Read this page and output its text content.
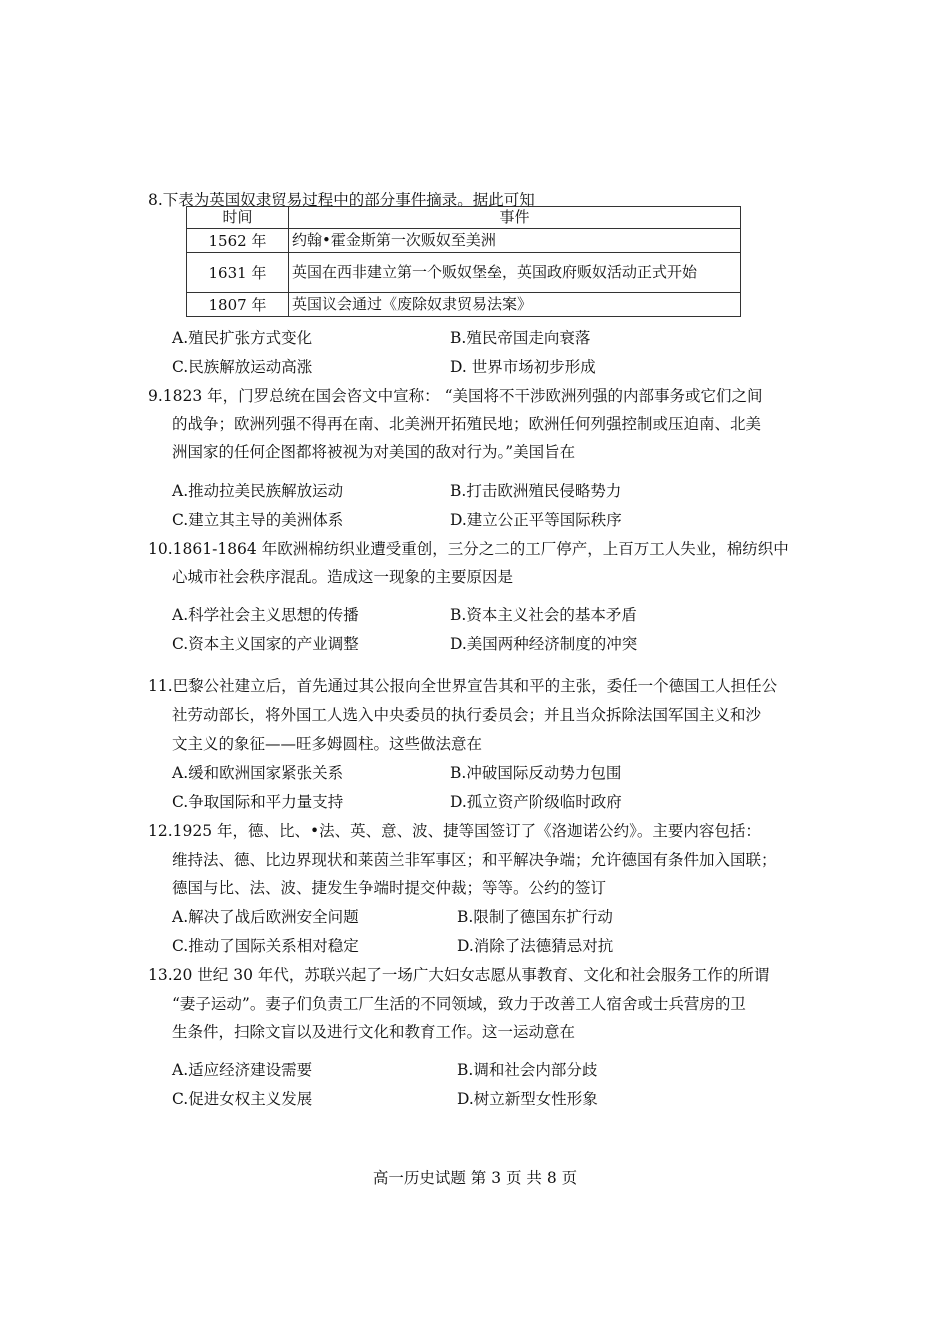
8.下表为英国奴隶贸易过程中的部分事件摘录。据此可知
时间	事件
1562 年	约翰•霍金斯第一次贩奴至美洲
1631 年	英国在西非建立第一个贩奴堡垒，英国政府贩奴活动正式开始
1807 年	英国议会通过《废除奴隶贸易法案》
A.殖民扩张方式变化	B.殖民帝国走向衰落
C.民族解放运动高涨	D. 世界市场初步形成
9.1823 年，门罗总统在国会咨文中宣称： “美国将不干涉欧洲列强的内部事务或它们之间
的战争；欧洲列强不得再在南、北美洲开拓殖民地；欧洲任何列强控制或压迫南、北美
洲国家的任何企图都将被视为对美国的敌对行为。”美国旨在
A.推动拉美民族解放运动	B.打击欧洲殖民侵略势力
C.建立其主导的美洲体系	D.建立公正平等国际秩序
10.1861-1864 年欧洲棉纺织业遭受重创，三分之二的工厂停产，上百万工人失业，棉纺织中
心城市社会秩序混乱。造成这一现象的主要原因是
A.科学社会主义思想的传播	B.资本主义社会的基本矛盾
C.资本主义国家的产业调整	D.美国两种经济制度的冲突
11.巴黎公社建立后，首先通过其公报向全世界宣告其和平的主张，委任一个德国工人担任公
社劳动部长，将外国工人选入中央委员的执行委员会；并且当众拆除法国军国主义和沙
文主义的象征——旺多姆圆柱。这些做法意在
A.缓和欧洲国家紧张关系	B.冲破国际反动势力包围
C.争取国际和平力量支持	D.孤立资产阶级临时政府
12.1925 年，德、比、•法、英、意、波、捷等国签订了《洛迦诺公约》。主要内容包括：
维持法、德、比边界现状和莱茵兰非军事区；和平解决争端；允许德国有条件加入国联；
德国与比、法、波、捷发生争端时提交仲裁；等等。公约的签订
A.解决了战后欧洲安全问题	B.限制了德国东扩行动
C.推动了国际关系相对稳定	D.消除了法德猜忌对抗
13.20 世纪 30 年代，苏联兴起了一场广大妇女志愿从事教育、文化和社会服务工作的所谓
“妻子运动”。妻子们负责工厂生活的不同领域，致力于改善工人宿舍或士兵营房的卫
生条件，扫除文盲以及进行文化和教育工作。这一运动意在
A.适应经济建设需要	B.调和社会内部分歧
C.促进女权主义发展	D.树立新型女性形象
高一历史试题 第 3 页 共 8 页
